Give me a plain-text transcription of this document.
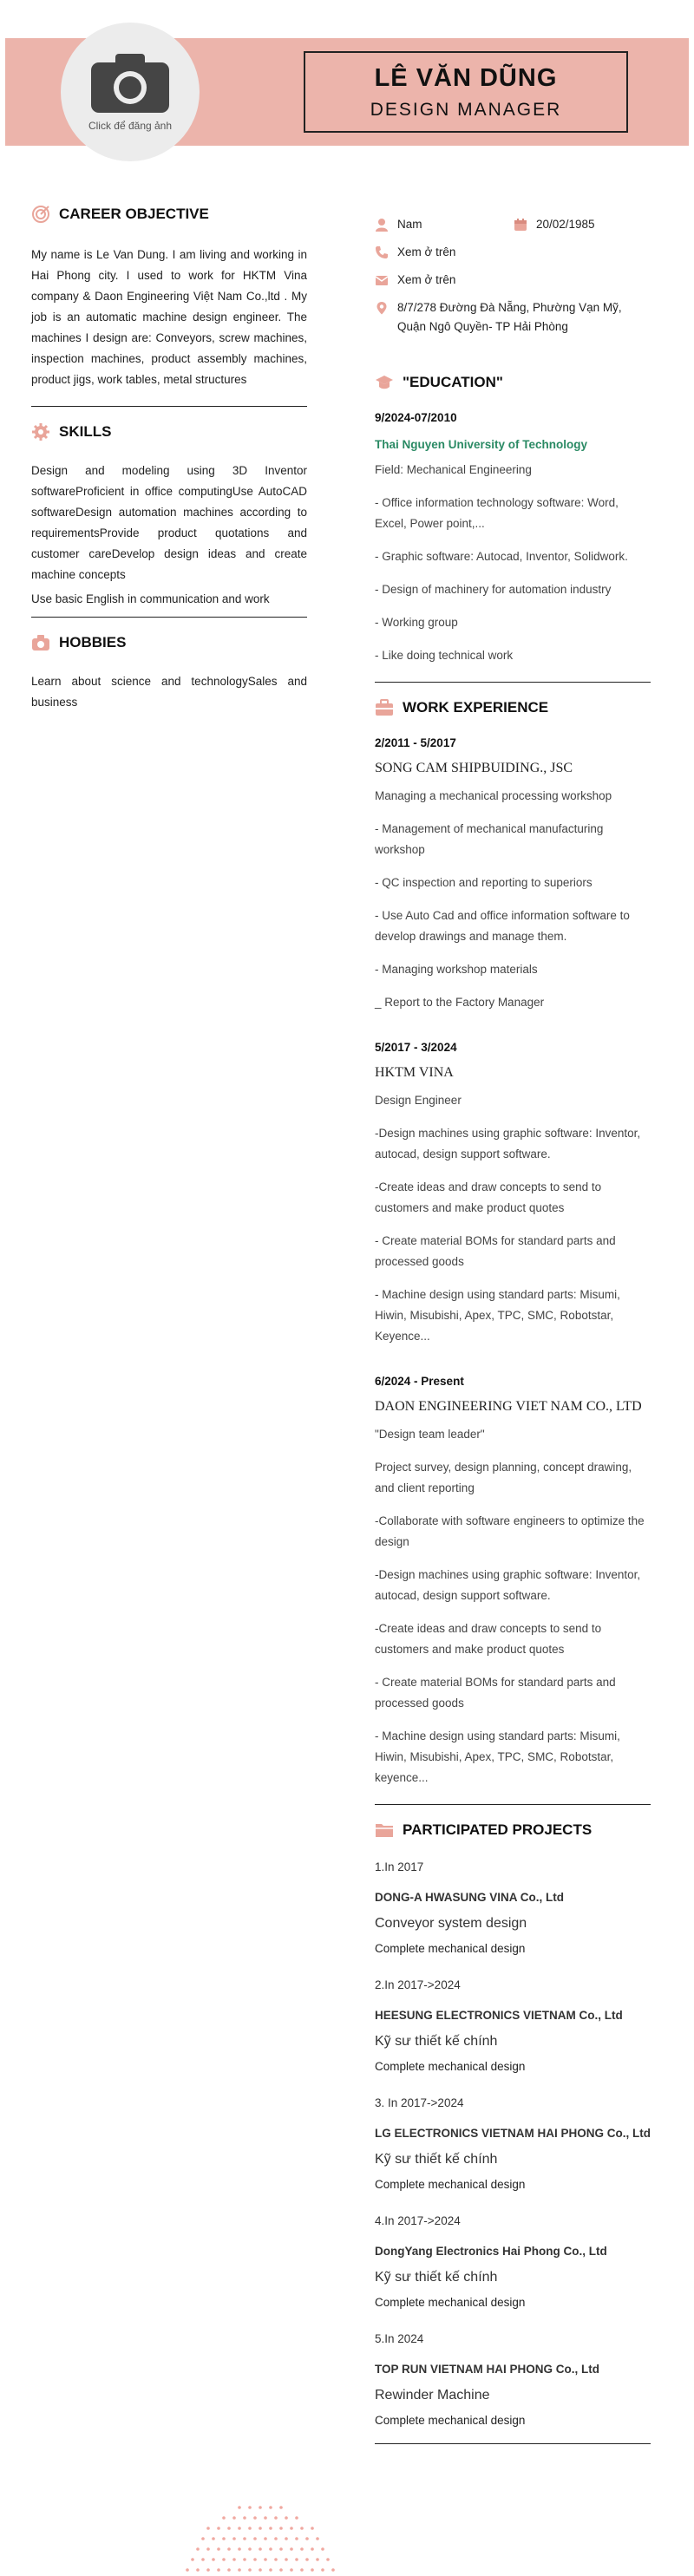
Click để đăng ảnh
LÊ VĂN DŨNG
DESIGN MANAGER
CAREER OBJECTIVE

My name is Le Van Dung. I am living and working in Hai Phong city. I used to work for HKTM Vina company & Daon Engineering Việt Nam Co.,ltd . My job is an automatic machine design engineer. The machines I design are: Conveyors, screw machines, inspection machines, product assembly machines, product jigs, work tables, metal structures

SKILLS

Design and modeling using 3D Inventor softwareProficient in office computingUse AutoCAD softwareDesign automation machines according to requirementsProvide product quotations and customer careDevelop design ideas and create machine concepts

Use basic English in communication and work

HOBBIES

Learn about science and technologySales and business

Nam	20/02/1985
Xem ở trên
Xem ở trên
8/7/278 Đường Đà Nẵng, Phường Vạn Mỹ, Quận Ngô Quyền- TP Hải Phòng
"EDUCATION"
9/2024-07/2010
Thai Nguyen University of Technology
Field: Mechanical Engineering
- Office information technology software: Word, Excel, Power point,...
- Graphic software: Autocad, Inventor, Solidwork.
- Design of machinery for automation industry
- Working group
- Like doing technical work
WORK EXPERIENCE
2/2011 - 5/2017
SONG CAM SHIPBUIDING., JSC
Managing a mechanical processing workshop
- Management of mechanical manufacturing workshop
- QC inspection and reporting to superiors
- Use Auto Cad and office information software to develop drawings and manage them.
- Managing workshop materials
_ Report to the Factory Manager
5/2017 - 3/2024
HKTM VINA
Design Engineer
-Design machines using graphic software: Inventor, autocad, design support software.
-Create ideas and draw concepts to send to customers and make product quotes
- Create material BOMs for standard parts and processed goods
- Machine design using standard parts: Misumi, Hiwin, Misubishi, Apex, TPC, SMC, Robotstar, Keyence...
6/2024 - Present
DAON ENGINEERING VIET NAM CO., LTD
"Design team leader"
Project survey, design planning, concept drawing, and client reporting
-Collaborate with software engineers to optimize the design
-Design machines using graphic software: Inventor, autocad, design support software.
-Create ideas and draw concepts to send to customers and make product quotes
- Create material BOMs for standard parts and processed goods
- Machine design using standard parts: Misumi, Hiwin, Misubishi, Apex, TPC, SMC, Robotstar, keyence...
PARTICIPATED PROJECTS
1.In 2017
DONG-A HWASUNG VINA Co., Ltd
Conveyor system design
Complete mechanical design
2.In 2017->2024
HEESUNG ELECTRONICS VIETNAM Co., Ltd
Kỹ sư thiết kế chính
Complete mechanical design
3. In 2017->2024
LG ELECTRONICS VIETNAM HAI PHONG Co., Ltd
Kỹ sư thiết kế chính
Complete mechanical design
4.In 2017->2024
DongYang Electronics Hai Phong Co., Ltd
Kỹ sư thiết kế chính
Complete mechanical design
5.In 2024
TOP RUN VIETNAM HAI PHONG Co., Ltd
Rewinder Machine
Complete mechanical design
